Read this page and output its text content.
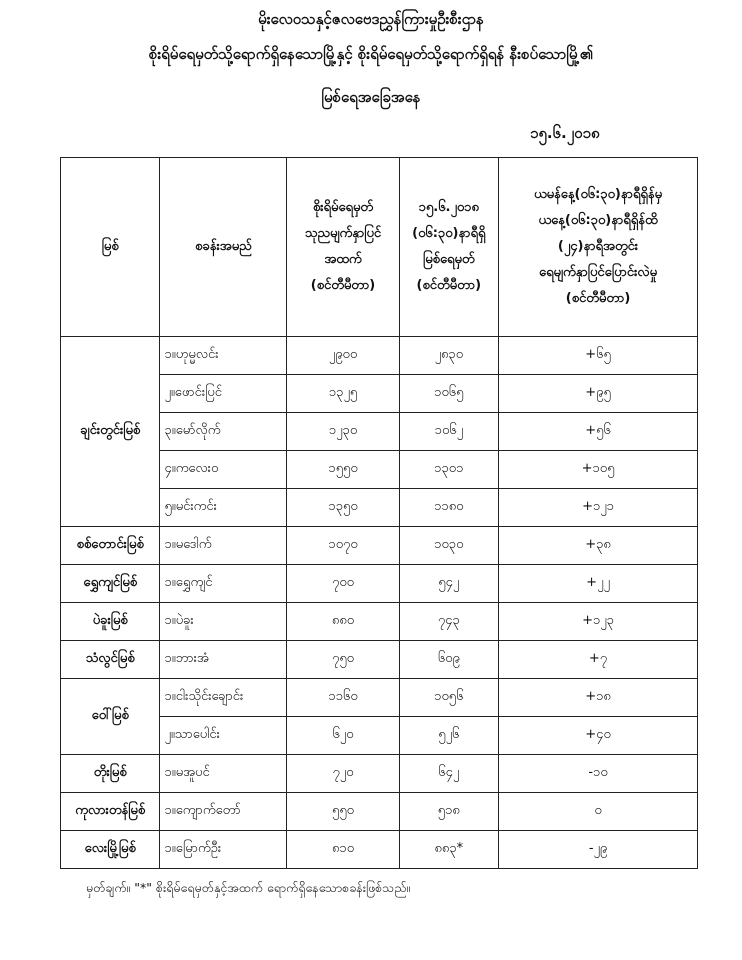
မိုးလေဝသနှင့်ဇလဗေဒညွှန်ကြားမှုဦးစီးဌာန
စိုးရိမ်ရေမှတ်သို့ရောက်ရှိနေသောမြို့နှင့် စိုးရိမ်ရေမှတ်သို့ရောက်ရှိရန် နီးစပ်သောမြို့၏
မြစ်ရေအခြေအနေ
၁၅.၆.၂၀၁၈
မြစ်	စခန်းအမည်	စိုးရိမ်ရေမှတ်
သုညမျက်နှာပြင်
အထက်
(စင်တီမီတာ)	၁၅.၆.၂၀၁၈
(၀၆:၃၀)နာရီရှိ
မြစ်ရေမှတ်
(စင်တီမီတာ)	ယမန်နေ့(၀၆:၃၀)နာရီရှိန်မှ
ယနေ့(၀၆:၃၀)နာရီရှိန်ထိ
(၂၄)နာရီအတွင်း
ရေမျက်နှာပြင်ပြောင်းလဲမှု
(စင်တီမီတာ)

ချင်းတွင်းမြစ်	၁။ဟုမ္မလင်း	၂၉၀၀	၂၈၃၀	+၆၅
	၂။ဖောင်းပြင်	၁၃၂၅	၁၀၆၅	+၉၅
	၃။မော်လိုက်	၁၂၃၀	၁၀၆၂	+၅၆
	၄။ကလေး၀	၁၅၅၀	၁၃၀၁	+၁၀၅
	၅။မင်းကင်း	၁၃၅၀	၁၁၈၀	+၁၂၁
စစ်တောင်းမြစ်	၁။မဒေါက်	၁၀၇၀	၁၀၃၀	+၃၈
ရွှေကျင်မြစ်	၁။ရွှေကျင်	၇၀၀	၅၄၂	+၂၂
ပဲခူးမြစ်	၁။ပဲခူး	၈၈၀	၇၄၃	+၁၂၃
သံလွင်မြစ်	၁။ဘားအံ	၇၅၀	၆၀၉	+၇
ဝေါ်မြစ်	၁။ငါးသိုင်းချောင်း	၁၁၆၀	၁၀၅၆	+၁၈
	၂။သာပေါင်း	၆၂၀	၅၂၆	+၄၀
တိုးမြစ်	၁။မအူပင်	၇၂၀	၆၄၂	-၁၀
ကုလားတန်မြစ်	၁။ကျောက်တော်	၅၅၀	၅၁၈	၀
လေးမြို့မြစ်	၁။မြောက်ဦး	၈၁၀	၈၈၃*	-၂၉
မှတ်ချက်။ "*" စိုးရိမ်ရေမှတ်နှင့်အထက် ရောက်ရှိနေသောစခန်းဖြစ်သည်။
